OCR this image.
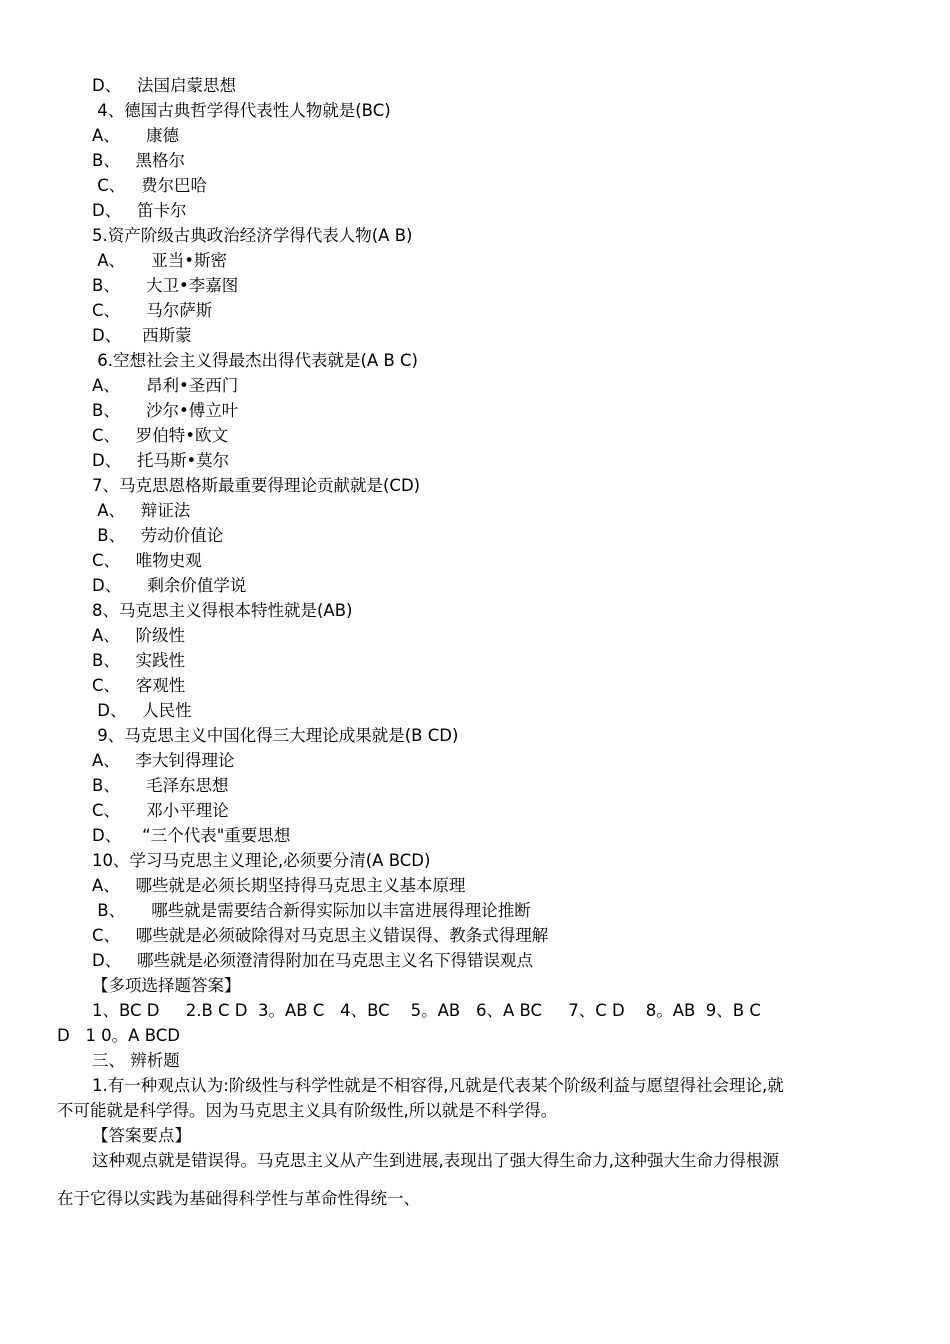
D、   法国启蒙思想
4、德国古典哲学得代表性人物就是(BC)
A、     康德
B、   黑格尔
C、   费尔巴哈
D、   笛卡尔
5.资产阶级古典政治经济学得代表人物(A B)
A、     亚当•斯密
B、     大卫•李嘉图
C、     马尔萨斯
D、    西斯蒙
6.空想社会主义得最杰出得代表就是(A B C)
A、     昂利•圣西门
B、     沙尔•傅立叶
C、   罗伯特•欧文
D、   托马斯•莫尔
7、马克思恩格斯最重要得理论贡献就是(CD)
A、   辩证法
B、   劳动价值论
C、   唯物史观
D、     剩余价值学说
8、马克思主义得根本特性就是(AB)
A、   阶级性
B、   实践性
C、   客观性
D、   人民性
9、马克思主义中国化得三大理论成果就是(B CD)
A、   李大钊得理论
B、     毛泽东思想
C、     邓小平理论
D、    “三个代表"重要思想
10、学习马克思主义理论,必须要分清(A BCD)
A、   哪些就是必须长期坚持得马克思主义基本原理
B、     哪些就是需要结合新得实际加以丰富进展得理论推断
C、   哪些就是必须破除得对马克思主义错误得、教条式得理解
D、   哪些就是必须澄清得附加在马克思主义名下得错误观点
【多项选择题答案】
1、BC D     2.B C D  3。AB C   4、BC    5。AB   6、A BC     7、C D    8。AB  9、B C
D   1 0。A BCD
三、 辨析题
1.有一种观点认为:阶级性与科学性就是不相容得,凡就是代表某个阶级利益与愿望得社会理论,就
不可能就是科学得。因为马克思主义具有阶级性,所以就是不科学得。
【答案要点】
这种观点就是错误得。马克思主义从产生到进展,表现出了强大得生命力,这种强大生命力得根源
在于它得以实践为基础得科学性与革命性得统一、
